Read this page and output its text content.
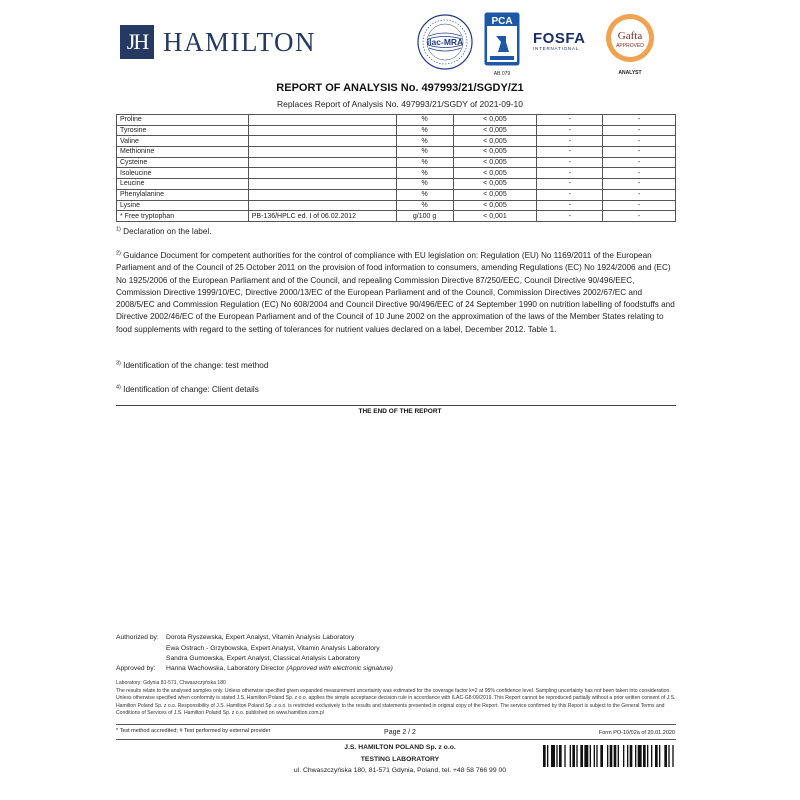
JH HAMILTON	ilac-MRA
PCA
AB 079
FOSFA
INTERNATIONAL
Gafta
APPROVED
ANALYST
REPORT OF ANALYSIS No. 497993/21/SGDY/Z1
Replaces Report of Analysis No. 497993/21/SGDY of 2021-09-10
Proline		%	< 0,005	-	-
Tyrosine		%	< 0,005	-	-
Valine		%	< 0,005	-	-
Methionine		%	< 0,005	-	-
Cysteine		%	< 0,005	-	-
Isoleucine		%	< 0,005	-	-
Leucine		%	< 0,005	-	-
Phenylalanine		%	< 0,005	-	-
Lysine		%	< 0,005	-	-
* Free tryptophan	PB-136/HPLC ed. I of 06.02.2012	g/100 g	< 0,001	-	-
$^{1)}$ Declaration on the label.
$^{2)}$ Guidance Document for competent authorities for the control of compliance with EU legislation on: Regulation (EU) No 1169/2011 of the European Parliament and of the Council of 25 October 2011 on the provision of food information to consumers, amending Regulations (EC) No 1924/2006 and (EC) No 1925/2006 of the European Parliament and of the Council, and repealing Commission Directive 87/250/EEC, Council Directive 90/496/EEC, Commission Directive 1999/10/EC, Directive 2000/13/EC of the European Parliament and of the Council, Commission Directives 2002/67/EC and 2008/5/EC and Commission Regulation (EC) No 608/2004 and Council Directive 90/496/EEC of 24 September 1990 on nutrition labelling of foodstuffs and Directive 2002/46/EC of the European Parliament and of the Council of 10 June 2002 on the approximation of the laws of the Member States relating to food supplements with regard to the setting of tolerances for nutrient values declared on a label, December 2012. Table 1.
$^{3)}$ Identification of the change: test method
$^{4)}$ Identification of change: Client details
THE END OF THE REPORT
Authorized by: Dorota Ryszewska, Expert Analyst, Vitamin Analysis Laboratory
Ewa Ostrach - Grzybowska, Expert Analyst, Vitamin Analysis Laboratory
Sandra Gumowska, Expert Analyst, Classical Analysis Laboratory
Approved by: Hanna Wachowska, Laboratory Director (Approved with electronic signature)
Laboratory: Gdynia 81-571, Chwaszczyńska 180
The results relate to the analysed samples only. Unless otherwise specified given expanded measurement uncertainty was estimated for the coverage factor k=2 at 95% confidence level. Sampling uncertainty has not been taken into consideration. Unless otherwise specified when conformity is stated J.S. Hamilton Poland Sp. z o.o. applies the simple acceptance decision rule in accordance with ILAC-G8:09/2019. This Report cannot be reproduced partially without a prior written consent of J.S. Hamilton Poland Sp. z o.o. Responsibility of J.S. Hamilton Poland Sp. z o.o. is restricted exclusively to the results and statements presented in original copy of the Report. The service confirmed by this Report is subject to the General Terms and Conditions of Services of J.S. Hamilton Poland Sp. z o.o. published on www.hamilton.com.pl
* Test method accredited; # Test performed by external provider	Form PO-10/02a of 20.01.2020
Page 2 / 2
J.S. HAMILTON POLAND Sp. z o.o.
TESTING LABORATORY
ul. Chwaszczyńska 180, 81-571 Gdynia, Poland, tel. +48 58 766 99 00
